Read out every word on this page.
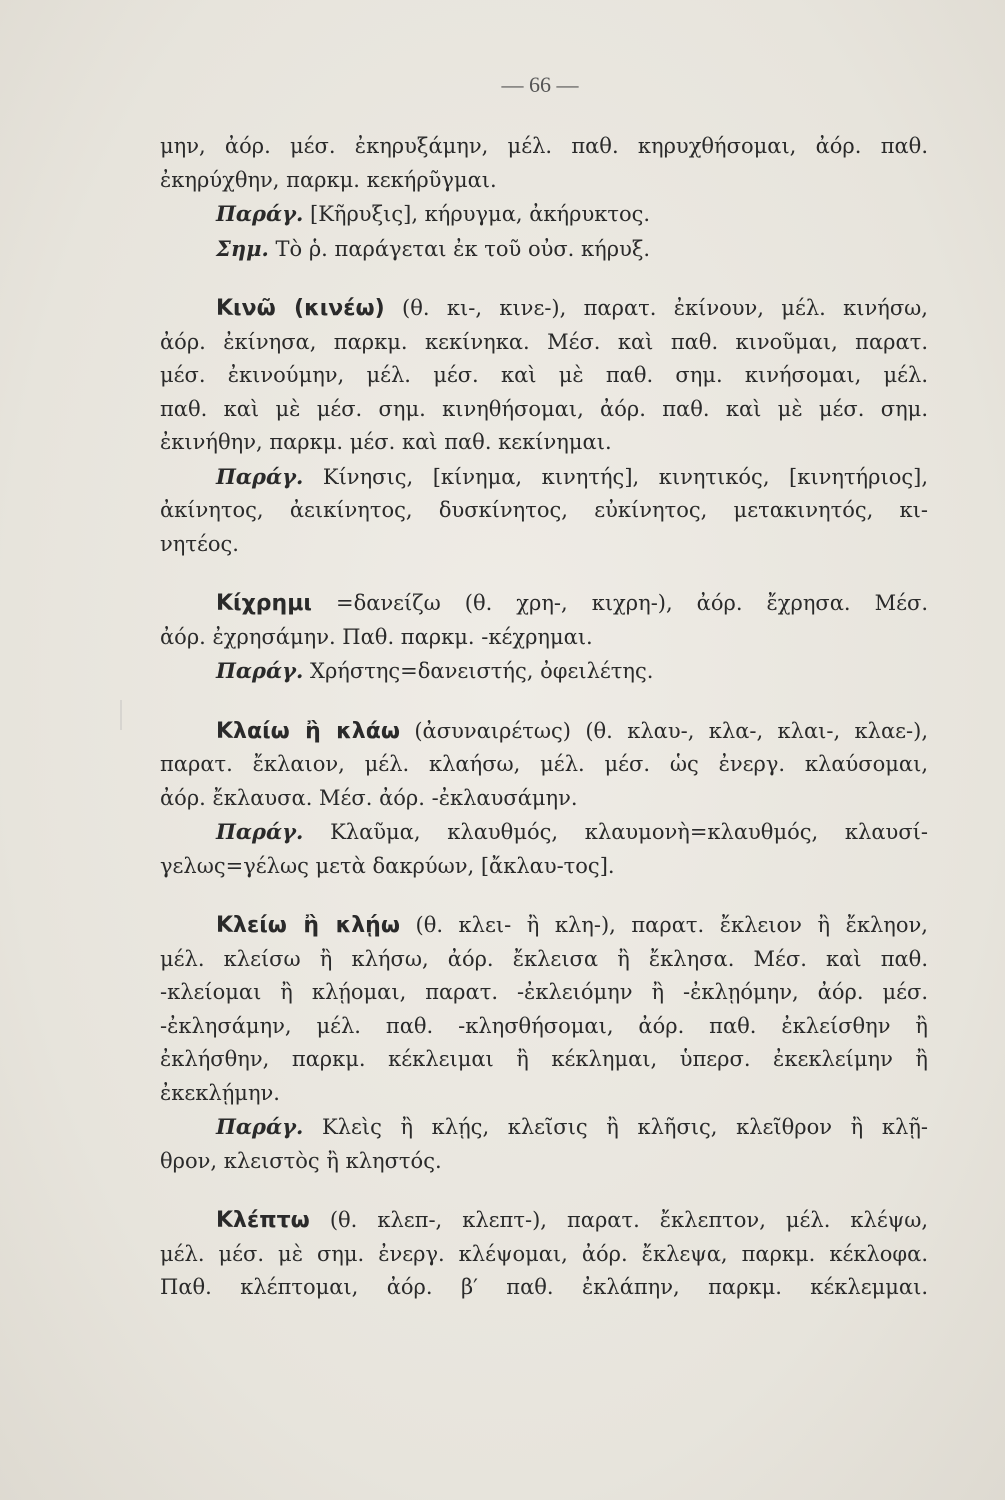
— 66 —
μην, ἀόρ. μέσ. ἐκηρυξάμην, μέλ. παθ. κηρυχθήσομαι, ἀόρ. παθ.
ἐκηρύχθην, παρκμ. κεκήρῦγμαι.
Παράγ. [Κῆρυξις], κήρυγμα, ἀκήρυκτος.
Σημ. Τὸ ῥ. παράγεται ἐκ τοῦ οὐσ. κήρυξ.
Κινῶ (κινέω) (θ. κι-, κινε-), παρατ. ἐκίνουν, μέλ. κινήσω,
ἀόρ. ἐκίνησα, παρκμ. κεκίνηκα. Μέσ. καὶ παθ. κινοῦμαι, παρατ.
μέσ. ἐκινούμην, μέλ. μέσ. καὶ μὲ παθ. σημ. κινήσομαι, μέλ.
παθ. καὶ μὲ μέσ. σημ. κινηθήσομαι, ἀόρ. παθ. καὶ μὲ μέσ. σημ.
ἐκινήθην, παρκμ. μέσ. καὶ παθ. κεκίνημαι.
Παράγ. Κίνησις, [κίνημα, κινητής], κινητικός, [κινητήριος],
ἀκίνητος, ἀεικίνητος, δυσκίνητος, εὐκίνητος, μετακινητός, κι-
νητέος.
Κίχρημι =δανείζω (θ. χρη-, κιχρη-), ἀόρ. ἔχρησα. Μέσ.
ἀόρ. ἐχρησάμην. Παθ. παρκμ. -κέχρημαι.
Παράγ. Χρήστης=δανειστής, ὀφειλέτης.
Κλαίω ἢ κλάω (ἀσυναιρέτως) (θ. κλαυ-, κλα-, κλαι-, κλαε-),
παρατ. ἔκλαιον, μέλ. κλαήσω, μέλ. μέσ. ὡς ἐνεργ. κλαύσομαι,
ἀόρ. ἔκλαυσα. Μέσ. ἀόρ. -ἐκλαυσάμην.
Παράγ. Κλαῦμα, κλαυθμός, κλαυμονὴ=κλαυθμός, κλαυσί-
γελως=γέλως μετὰ δακρύων, [ἄκλαυ-τος].
Κλείω ἢ κλῄω (θ. κλει- ἢ κλη-), παρατ. ἔκλειον ἢ ἔκληον,
μέλ. κλείσω ἢ κλήσω, ἀόρ. ἔκλεισα ἢ ἔκλησα. Μέσ. καὶ παθ.
-κλείομαι ἢ κλῄομαι, παρατ. -ἐκλειόμην ἢ -ἐκλῃόμην, ἀόρ. μέσ.
-ἐκλησάμην, μέλ. παθ. -κλησθήσομαι, ἀόρ. παθ. ἐκλείσθην ἢ
ἐκλήσθην, παρκμ. κέκλειμαι ἢ κέκλημαι, ὑπερσ. ἐκεκλείμην ἢ
ἐκεκλῄμην.
Παράγ. Κλεὶς ἢ κλῄς, κλεῖσις ἢ κλῆσις, κλεῖθρον ἢ κλῇ-
θρον, κλειστὸς ἢ κληστός.
Κλέπτω (θ. κλεπ-, κλεπτ-), παρατ. ἔκλεπτον, μέλ. κλέψω,
μέλ. μέσ. μὲ σημ. ἐνεργ. κλέψομαι, ἀόρ. ἔκλεψα, παρκμ. κέκλοφα.
Παθ. κλέπτομαι, ἀόρ. β′ παθ. ἐκλάπην, παρκμ. κέκλεμμαι.
